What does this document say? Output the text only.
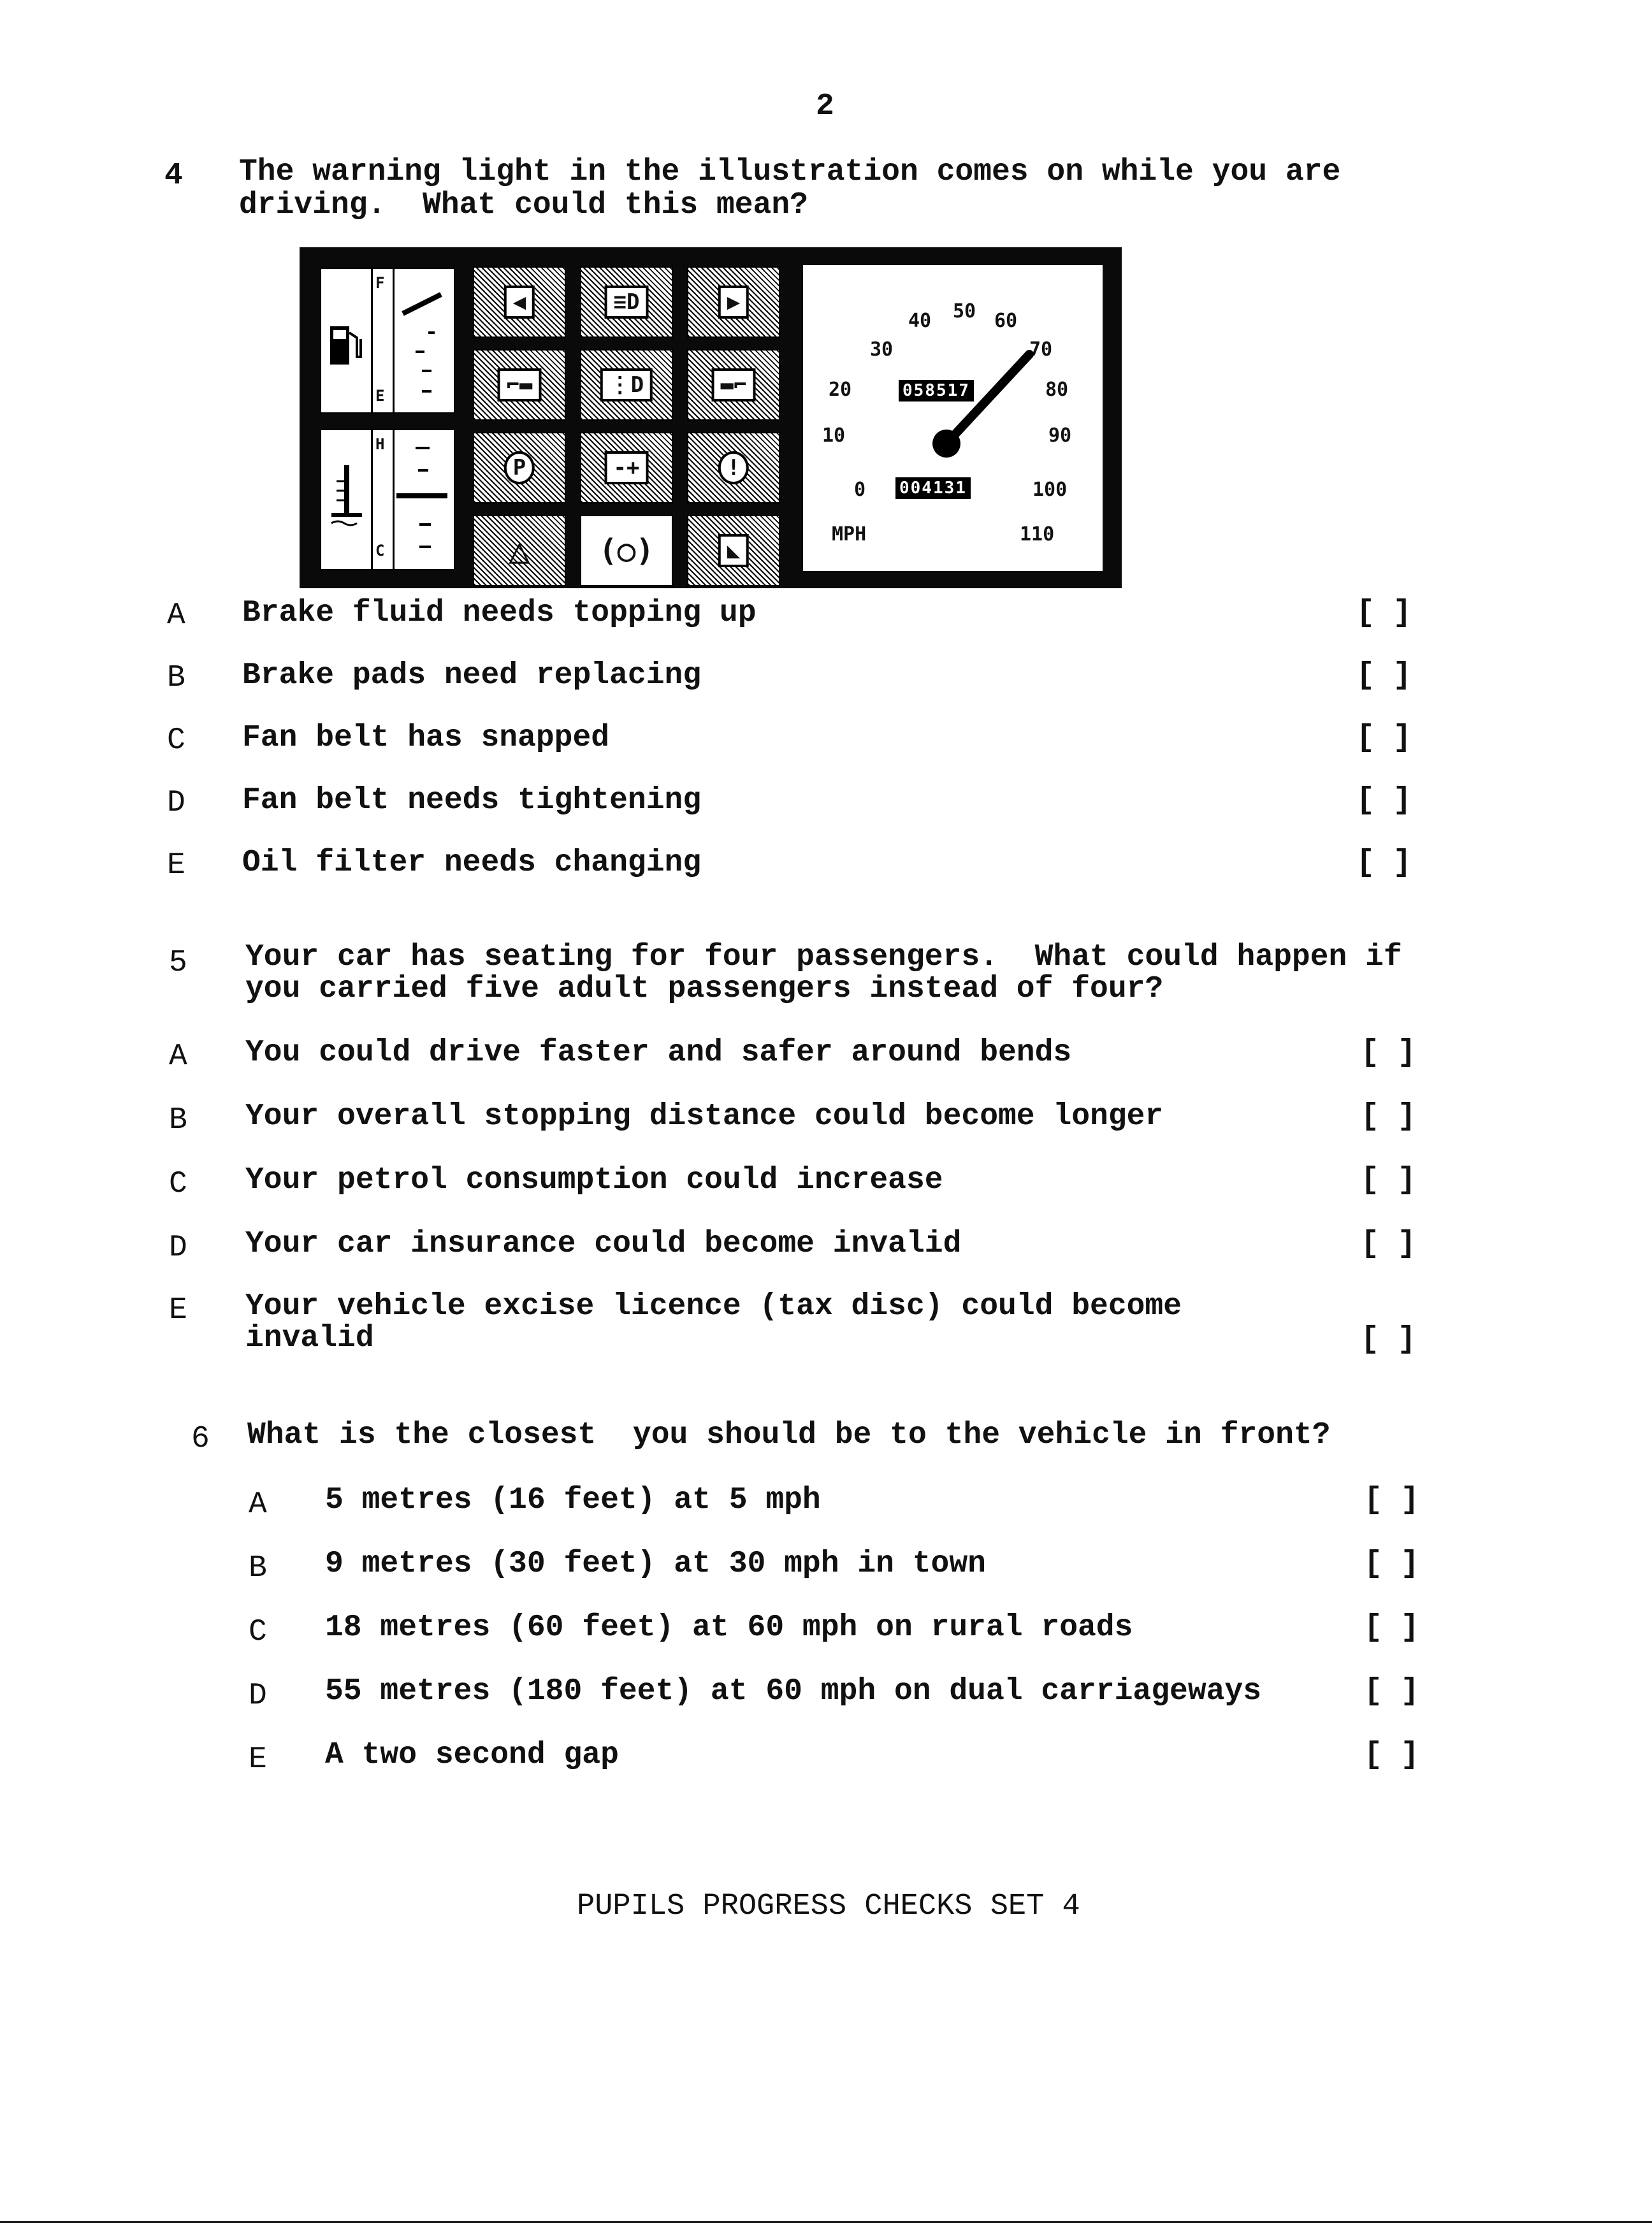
2
4 The warning light in the illustration comes on while you are
driving.  What could this mean?
F
E
H
C
◀	≡D	▶
⌐▬	⋮D	▬⌐
P	-+	!
△ (○)	◣
0
10
20
30
40 50 60
70
80
90
100
110
MPH
058517
004131
A Brake fluid needs topping up	[ ]
B Brake pads need replacing	[ ]
C Fan belt has snapped	[ ]
D Fan belt needs tightening	[ ]
E Oil filter needs changing	[ ]
5 Your car has seating for four passengers.  What could happen if
you carried five adult passengers instead of four?
A You could drive faster and safer around bends	[ ]
B Your overall stopping distance could become longer	[ ]
C Your petrol consumption could increase	[ ]
D Your car insurance could become invalid	[ ]
E Your vehicle excise licence (tax disc) could become
invalid	[ ]
6 What is the closest  you should be to the vehicle in front?
A 5 metres (16 feet) at 5 mph	[ ]
B 9 metres (30 feet) at 30 mph in town	[ ]
C 18 metres (60 feet) at 60 mph on rural roads	[ ]
D 55 metres (180 feet) at 60 mph on dual carriageways	[ ]
E A two second gap	[ ]
PUPILS PROGRESS CHECKS SET 4
